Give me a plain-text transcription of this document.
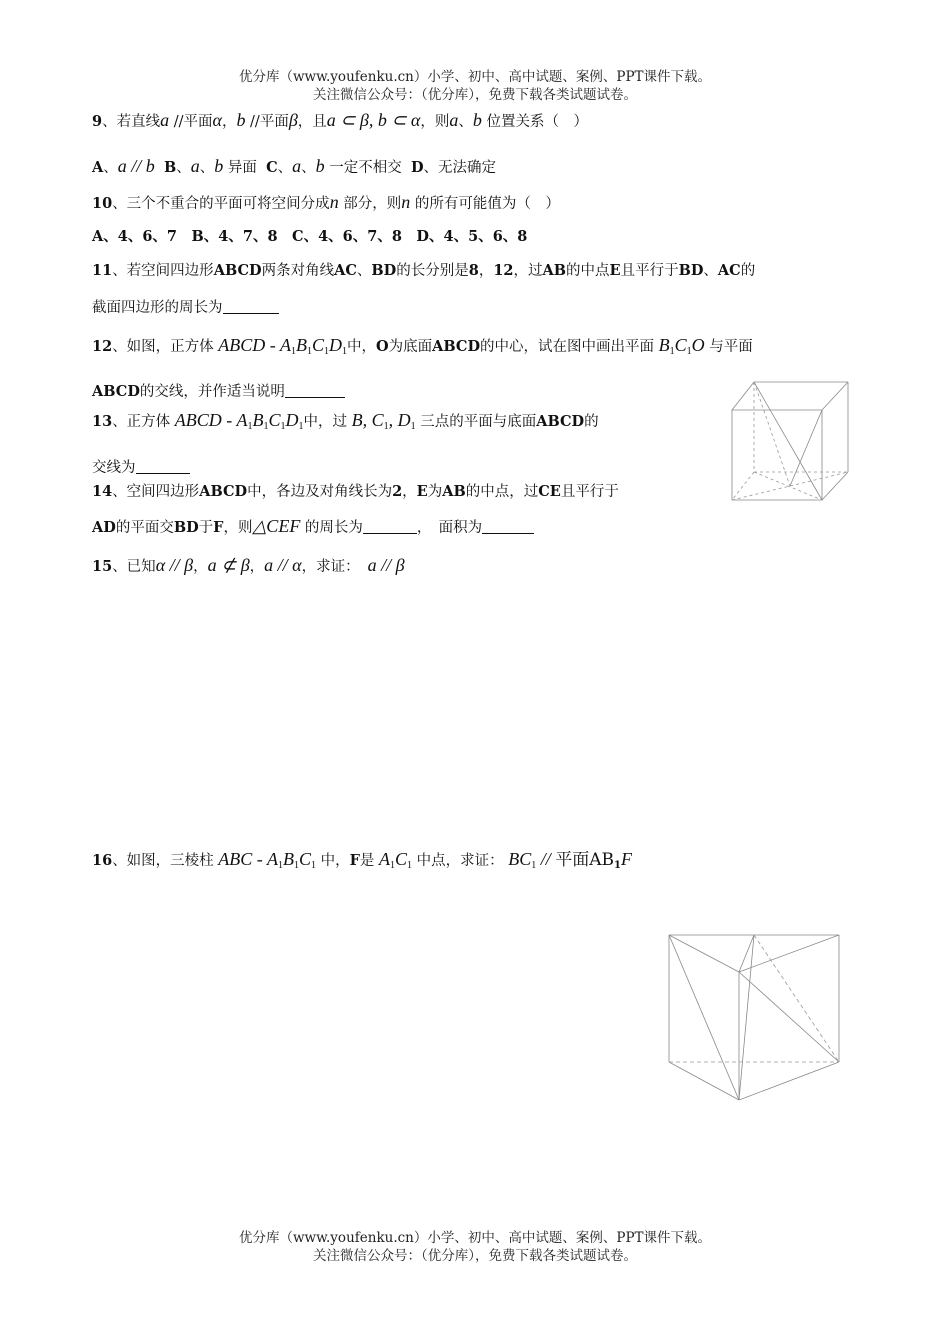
优分库（www.youfenku.cn）小学、初中、高中试题、案例、PPT课件下载。
关注微信公众号：（优分库），免费下载各类试题试卷。
9、若直线a //平面α，b //平面β，且a ⊂ β, b ⊂ α，则a、b 位置关系（　）
A、a // b B、a、b 异面 C、a、b 一定不相交 D、无法确定
10、三个不重合的平面可将空间分成n 部分，则n 的所有可能值为（　）
A、4、6、7　B、4、7、8　C、4、6、7、8　D、4、5、6、8
11、若空间四边形ABCD两条对角线AC、BD的长分别是8，12，过AB的中点E且平行于BD、AC的
截面四边形的周长为
12、如图，正方体 ABCD - $A_1B_1C_1D_1$中，O为底面ABCD的中心，试在图中画出平面 $B_1C_1O$ 与平面
ABCD的交线，并作适当说明
13、正方体 ABCD - $A_1B_1C_1D_1$中，过 B, $C_1$, $D_1$ 三点的平面与底面ABCD的
交线为
14、空间四边形ABCD中，各边及对角线长为2，E为AB的中点，过CE且平行于
AD的平面交BD于F，则△CEF 的周长为	，　面积为
15、已知α // β，a ⊄ β，a // α，求证： a // β
16、如图，三棱柱 ABC - $A_1B_1C_1$ 中，F是 $A_1C_1$ 中点，求证： $BC_1$ // 平面$AB_1F$
优分库（www.youfenku.cn）小学、初中、高中试题、案例、PPT课件下载。
关注微信公众号：（优分库），免费下载各类试题试卷。
